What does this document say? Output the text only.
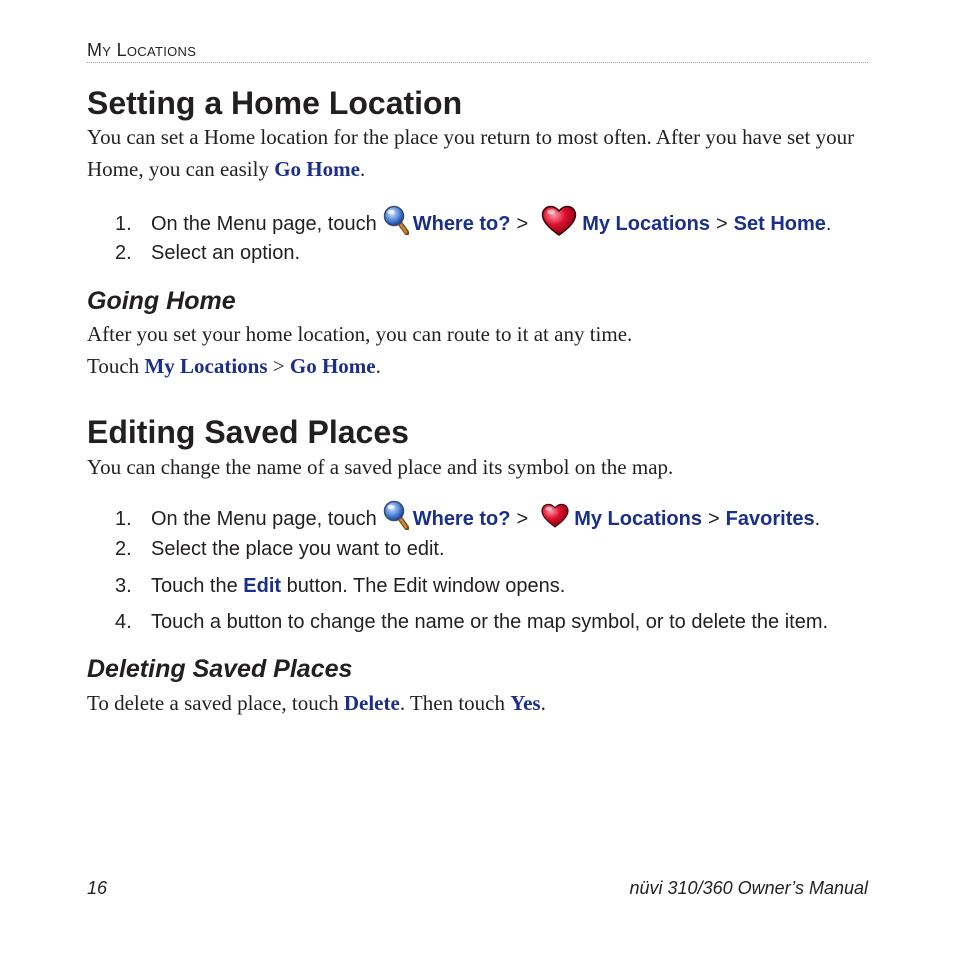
My Locations
Setting a Home Location

You can set a Home location for the place you return to most often. After you have set your Home, you can easily Go Home.

1. On the Menu page, touch Where to? >	My Locations > Set Home .
2. Select an option.
Going Home

After you set your home location, you can route to it at any time.

Touch My Locations > Go Home.

Editing Saved Places

You can change the name of a saved place and its symbol on the map.

1. On the Menu page, touch Where to? > My Locations > Favorites .
2. Select the place you want to edit.
3. Touch the Edit button. The Edit window opens.
4. Touch a button to change the name or the map symbol, or to delete the item.
Deleting Saved Places

To delete a saved place, touch Delete. Then touch Yes.

16	nüvi 310/360 Owner’s Manual
